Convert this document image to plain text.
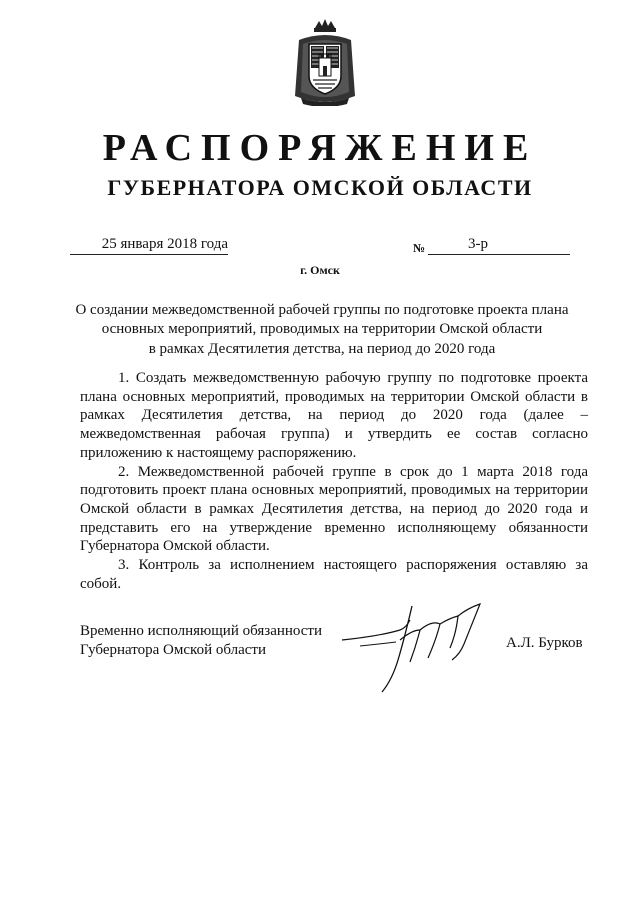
РАСПОРЯЖЕНИЕ
ГУБЕРНАТОРА ОМСКОЙ ОБЛАСТИ
25 января 2018 года	№	3-р
г. Омск
О создании межведомственной рабочей группы по подготовке проекта плана
основных мероприятий, проводимых на территории Омской области
в рамках Десятилетия детства, на период до 2020 года

1. Создать межведомственную рабочую группу по подготовке проекта плана основных мероприятий, проводимых на территории Омской области в рамках Десятилетия детства, на период до 2020 года (далее – межведомственная рабочая группа) и утвердить ее состав согласно приложению к настоящему распоряжению.

2. Межведомственной рабочей группе в срок до 1 марта 2018 года подготовить проект плана основных мероприятий, проводимых на территории Омской области в рамках Десятилетия детства, на период до 2020 года и представить его на утверждение временно исполняющему обязанности Губернатора Омской области.

3. Контроль за исполнением настоящего распоряжения оставляю за собой.

Временно исполняющий обязанности
Губернатора Омской области	А.Л. Бурков
